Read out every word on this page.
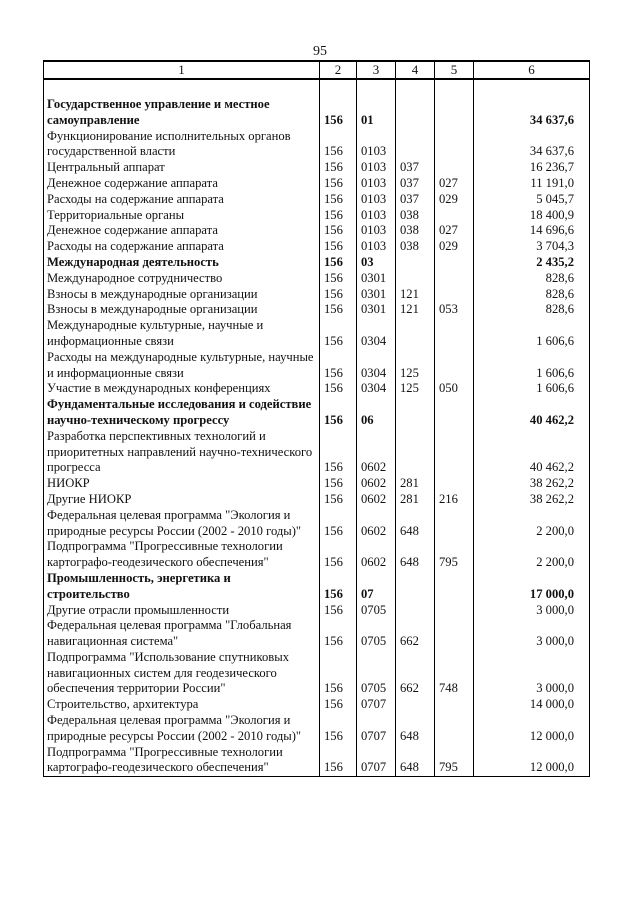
95
1	2	3	4	5	6

Государственное управление и местное самоуправление	156	01			34 637,6
Функционирование исполнительных органов государственной власти	156	0103			34 637,6
Центральный аппарат	156	0103	037		16 236,7
Денежное содержание аппарата	156	0103	037	027	11 191,0
Расходы на содержание аппарата	156	0103	037	029	5 045,7
Территориальные органы	156	0103	038		18 400,9
Денежное содержание аппарата	156	0103	038	027	14 696,6
Расходы на содержание аппарата	156	0103	038	029	3 704,3
Международная деятельность	156	03			2 435,2
Международное сотрудничество	156	0301			828,6
Взносы в международные организации	156	0301	121		828,6
Взносы в международные организации	156	0301	121	053	828,6
Международные культурные, научные и информационные связи	156	0304			1 606,6
Расходы на международные культурные, научные и информационные связи	156	0304	125		1 606,6
Участие в международных конференциях	156	0304	125	050	1 606,6
Фундаментальные исследования и содействие научно-техническому прогрессу	156	06			40 462,2
Разработка перспективных технологий и приоритетных направлений научно-технического прогресса	156	0602			40 462,2
НИОКР	156	0602	281		38 262,2
Другие НИОКР	156	0602	281	216	38 262,2
Федеральная целевая программа "Экология и природные ресурсы России (2002 - 2010 годы)"	156	0602	648		2 200,0
Подпрограмма "Прогрессивные технологии картографо-геодезического обеспечения"	156	0602	648	795	2 200,0
Промышленность, энергетика и строительство	156	07			17 000,0
Другие отрасли промышленности	156	0705			3 000,0
Федеральная целевая программа "Глобальная навигационная система"	156	0705	662		3 000,0
Подпрограмма "Использование спутниковых навигационных систем для геодезического обеспечения территории России"	156	0705	662	748	3 000,0
Строительство, архитектура	156	0707			14 000,0
Федеральная целевая программа "Экология и природные ресурсы России (2002 - 2010 годы)"	156	0707	648		12 000,0
Подпрограмма "Прогрессивные технологии картографо-геодезического обеспечения"	156	0707	648	795	12 000,0
